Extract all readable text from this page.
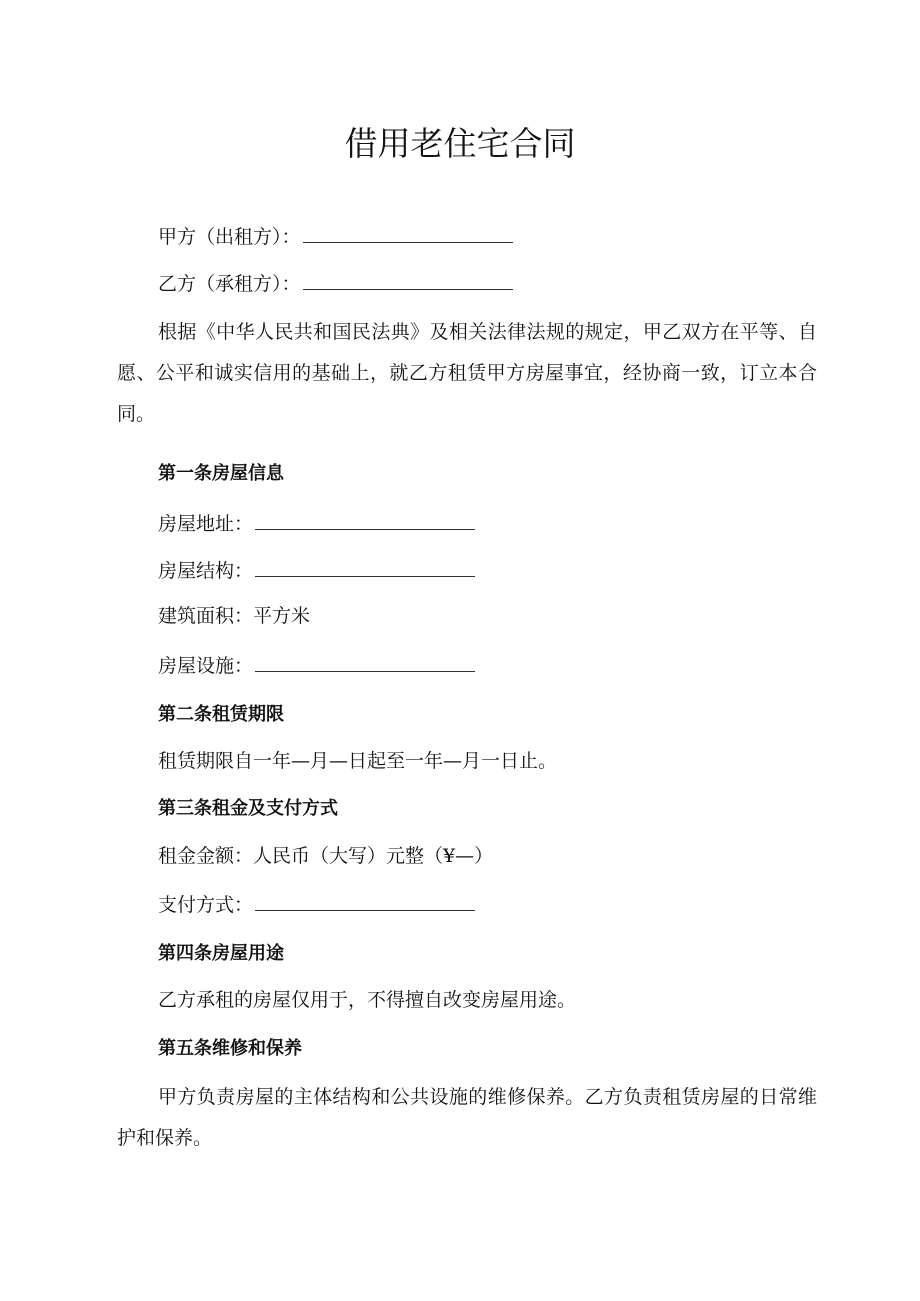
借用老住宅合同
甲方（出租方）：
乙方（承租方）：
根据《中华人民共和国民法典》及相关法律法规的规定，甲乙双方在平等、自愿、公平和诚实信用的基础上，就乙方租赁甲方房屋事宜，经协商一致，订立本合同。
第一条房屋信息
房屋地址：
房屋结构：
建筑面积：平方米
房屋设施：
第二条租赁期限
租赁期限自一年—月—日起至一年—月一日止。
第三条租金及支付方式
租金金额：人民币（大写）元整（¥—）
支付方式：
第四条房屋用途
乙方承租的房屋仅用于，不得擅自改变房屋用途。
第五条维修和保养
甲方负责房屋的主体结构和公共设施的维修保养。乙方负责租赁房屋的日常维护和保养。
